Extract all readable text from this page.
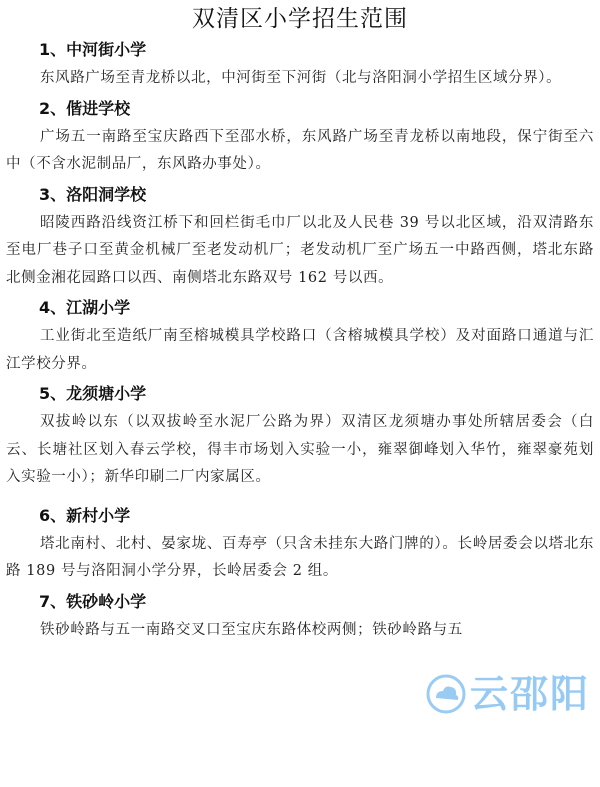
双清区小学招生范围
1、中河街小学

东风路广场至青龙桥以北，中河街至下河街（北与洛阳洞小学招生区域分界）。

2、偕进学校

广场五一南路至宝庆路西下至邵水桥，东风路广场至青龙桥以南地段，保宁街至六中（不含水泥制品厂，东风路办事处）。

3、洛阳洞学校

昭陵西路沿线资江桥下和回栏街毛巾厂以北及人民巷 39 号以北区域，沿双清路东至电厂巷子口至黄金机械厂至老发动机厂；老发动机厂至广场五一中路西侧，塔北东路北侧金湘花园路口以西、南侧塔北东路双号 162 号以西。

4、江湖小学

工业街北至造纸厂南至榕城模具学校路口（含榕城模具学校）及对面路口通道与汇江学校分界。

5、龙须塘小学

双拔岭以东（以双拔岭至水泥厂公路为界）双清区龙须塘办事处所辖居委会（白云、长塘社区划入春云学校，得丰市场划入实验一小，雍翠御峰划入华竹，雍翠豪苑划入实验一小）；新华印刷二厂内家属区。

6、新村小学

塔北南村、北村、晏家垅、百寿亭（只含未挂东大路门牌的）。长岭居委会以塔北东路 189 号与洛阳洞小学分界，长岭居委会 2 组。

7、铁砂岭小学

铁砂岭路与五一南路交叉口至宝庆东路体校两侧；铁砂岭路与五

云邵阳
